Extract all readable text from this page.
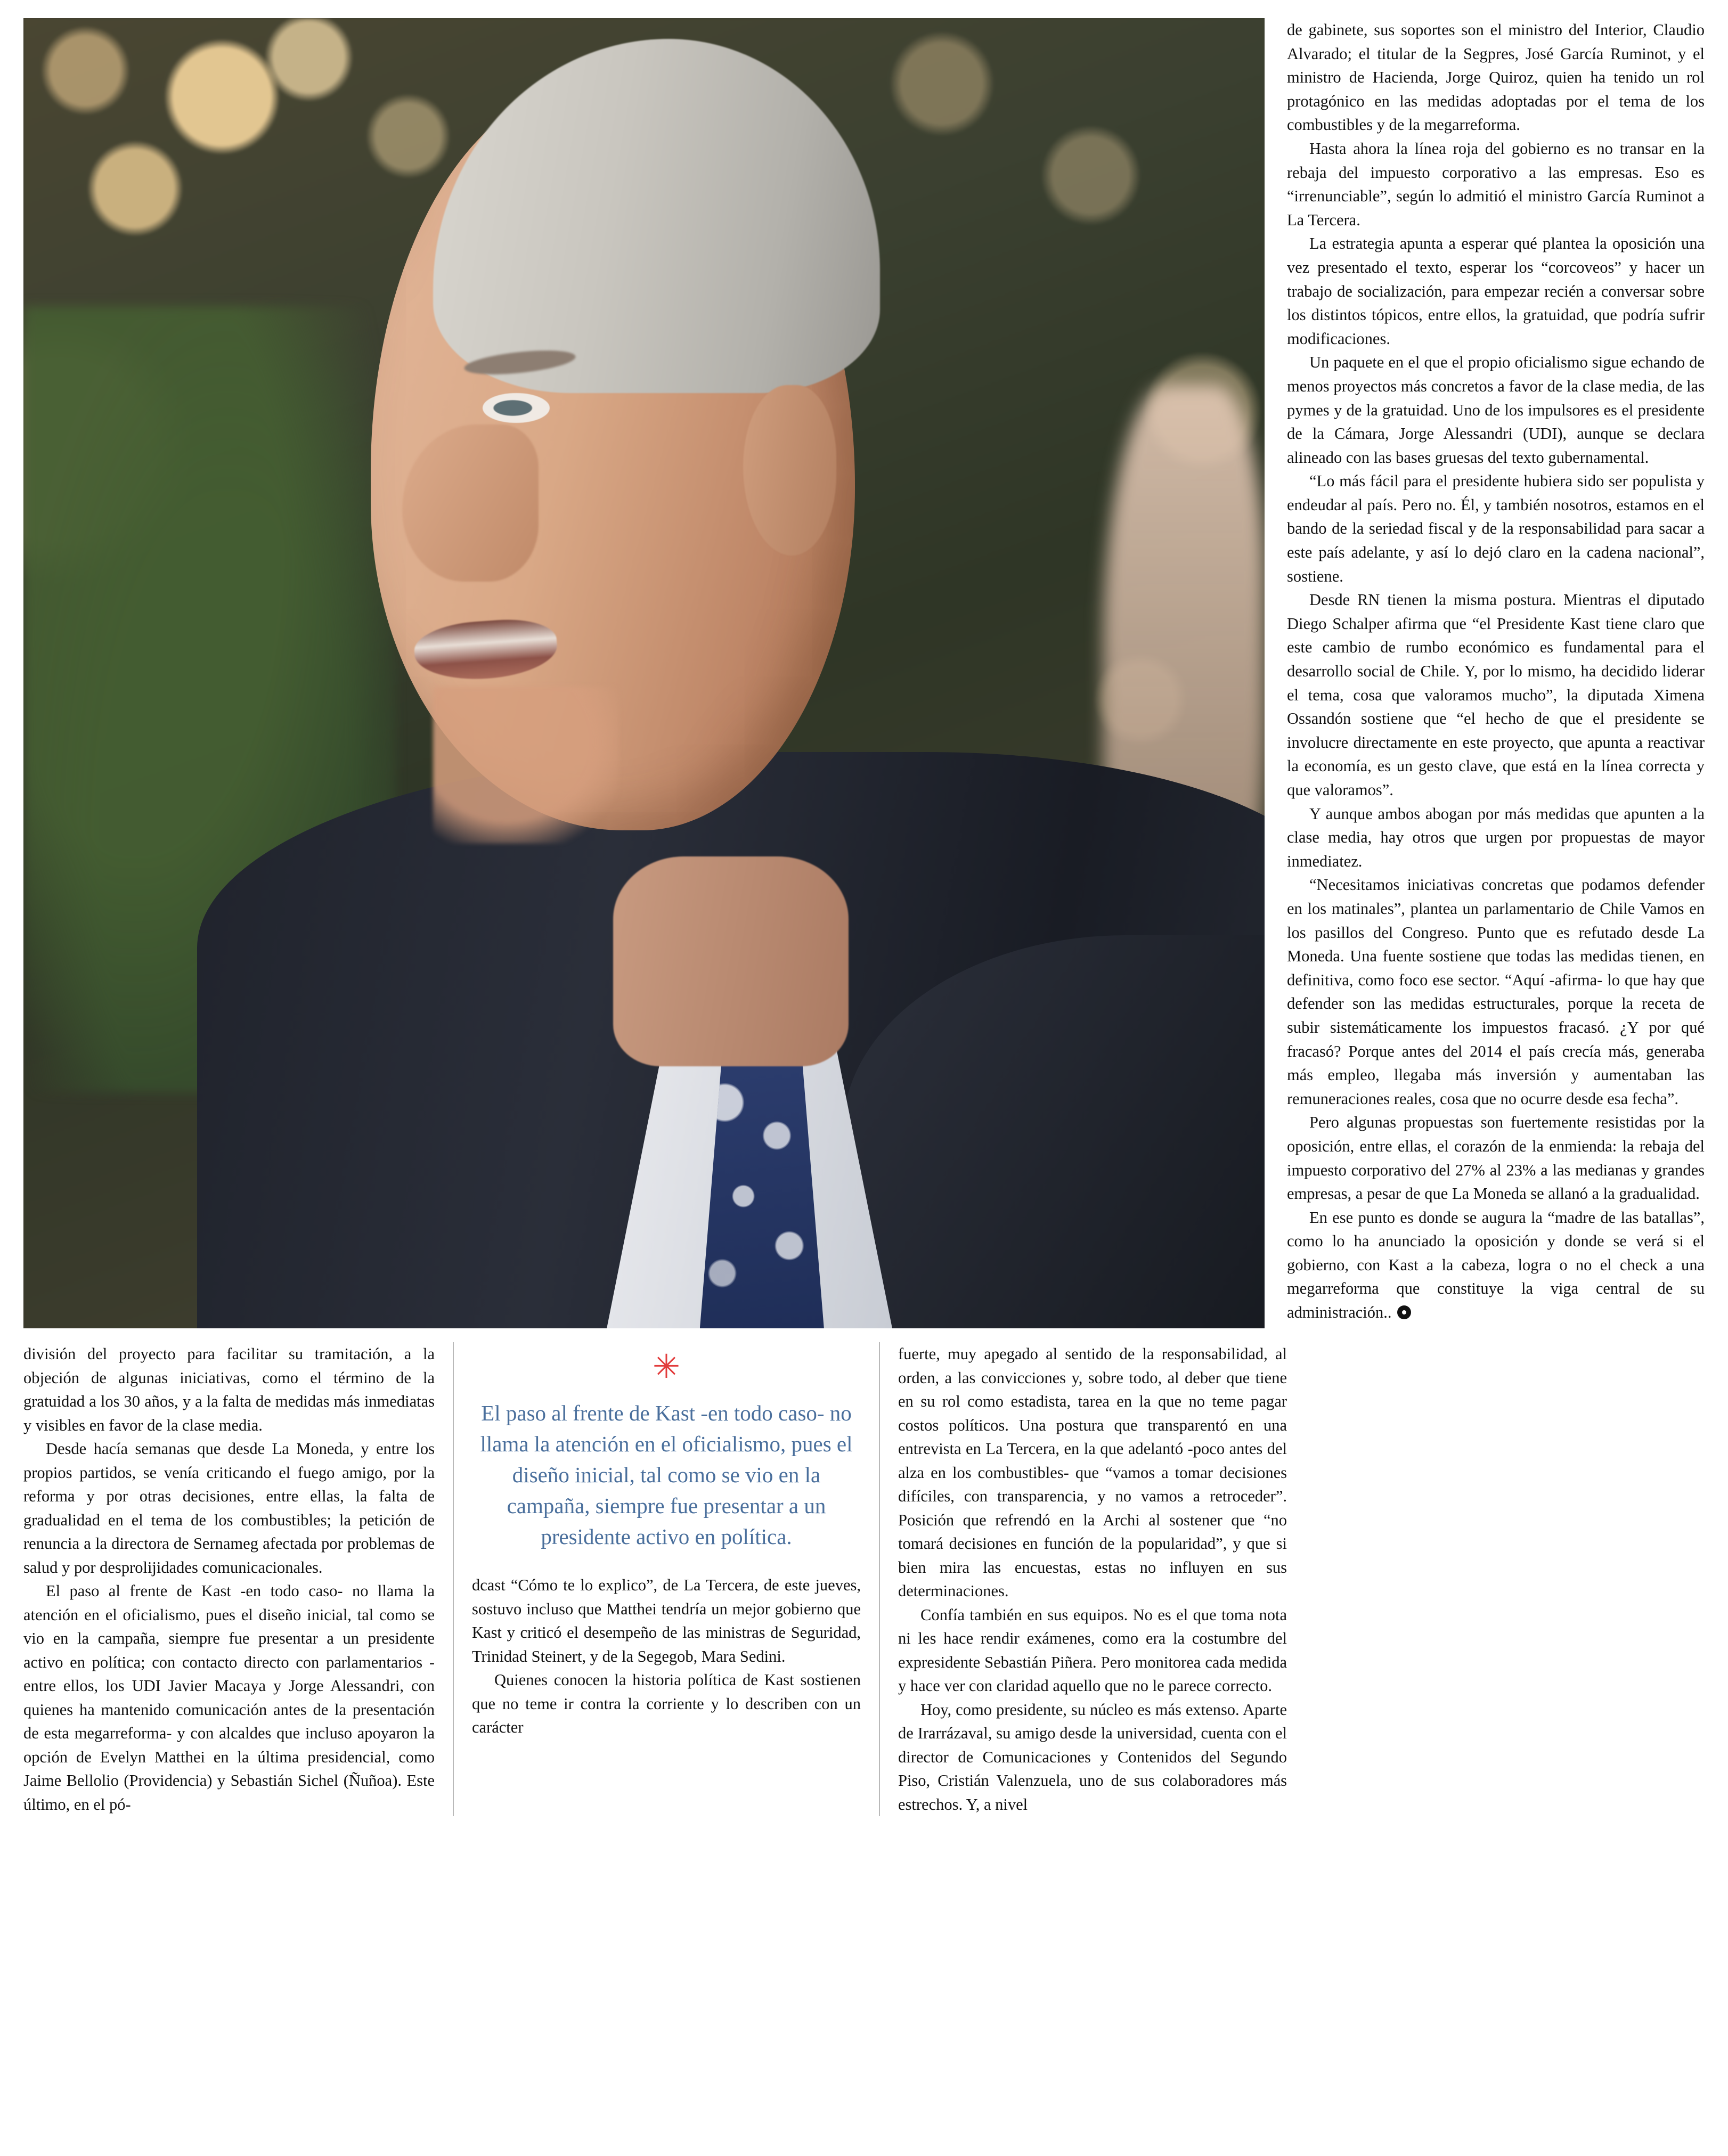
de gabinete, sus soportes son el ministro del Interior, Claudio Alvarado; el titular de la Segpres, José García Ruminot, y el ministro de Hacienda, Jorge Quiroz, quien ha tenido un rol protagónico en las medidas adoptadas por el tema de los combustibles y de la megarreforma.

Hasta ahora la línea roja del gobierno es no transar en la rebaja del impuesto corporativo a las empresas. Eso es “irrenunciable”, según lo admitió el ministro García Ruminot a La Tercera.

La estrategia apunta a esperar qué plantea la oposición una vez presentado el texto, esperar los “corcoveos” y hacer un trabajo de socialización, para empezar recién a conversar sobre los distintos tópicos, entre ellos, la gratuidad, que podría sufrir modificaciones.

Un paquete en el que el propio oficialismo sigue echando de menos proyectos más concretos a favor de la clase media, de las pymes y de la gratuidad. Uno de los impulsores es el presidente de la Cámara, Jorge Alessandri (UDI), aunque se declara alineado con las bases gruesas del texto gubernamental.

“Lo más fácil para el presidente hubiera sido ser populista y endeudar al país. Pero no. Él, y también nosotros, estamos en el bando de la seriedad fiscal y de la responsabilidad para sacar a este país adelante, y así lo dejó claro en la cadena nacional”, sostiene.

Desde RN tienen la misma postura. Mientras el diputado Diego Schalper afirma que “el Presidente Kast tiene claro que este cambio de rumbo económico es fundamental para el desarrollo social de Chile. Y, por lo mismo, ha decidido liderar el tema, cosa que valoramos mucho”, la diputada Ximena Ossandón sostiene que “el hecho de que el presidente se involucre directamente en este proyecto, que apunta a reactivar la economía, es un gesto clave, que está en la línea correcta y que valoramos”.

Y aunque ambos abogan por más medidas que apunten a la clase media, hay otros que urgen por propuestas de mayor inmediatez.

“Necesitamos iniciativas concretas que podamos defender en los matinales”, plantea un parlamentario de Chile Vamos en los pasillos del Congreso. Punto que es refutado desde La Moneda. Una fuente sostiene que todas las medidas tienen, en definitiva, como foco ese sector. “Aquí -afirma- lo que hay que defender son las medidas estructurales, porque la receta de subir sistemáticamente los impuestos fracasó. ¿Y por qué fracasó? Porque antes del 2014 el país crecía más, generaba más empleo, llegaba más inversión y aumentaban las remuneraciones reales, cosa que no ocurre desde esa fecha”.

Pero algunas propuestas son fuertemente resistidas por la oposición, entre ellas, el corazón de la enmienda: la rebaja del impuesto corporativo del 27% al 23% a las medianas y grandes empresas, a pesar de que La Moneda se allanó a la gradualidad.

En ese punto es donde se augura la “madre de las batallas”, como lo ha anunciado la oposición y donde se verá si el gobierno, con Kast a la cabeza, logra o no el check a una megarreforma que constituye la viga central de su administración..

división del proyecto para facilitar su tramitación, a la objeción de algunas iniciativas, como el término de la gratuidad a los 30 años, y a la falta de medidas más inmediatas y visibles en favor de la clase media.

Desde hacía semanas que desde La Moneda, y entre los propios partidos, se venía criticando el fuego amigo, por la reforma y por otras decisiones, entre ellas, la falta de gradualidad en el tema de los combustibles; la petición de renuncia a la directora de Sernameg afectada por problemas de salud y por desprolijidades comunicacionales.

El paso al frente de Kast -en todo caso- no llama la atención en el oficialismo, pues el diseño inicial, tal como se vio en la campaña, siempre fue presentar a un presidente activo en política; con contacto directo con parlamentarios -entre ellos, los UDI Javier Macaya y Jorge Alessandri, con quienes ha mantenido comunicación antes de la presentación de esta megarreforma- y con alcaldes que incluso apoyaron la opción de Evelyn Matthei en la última presidencial, como Jaime Bellolio (Providencia) y Sebastián Sichel (Ñuñoa). Este último, en el pó-

✳
El paso al frente de Kast -en todo caso- no llama la atención en el oficialismo, pues el diseño inicial, tal como se vio en la campaña, siempre fue presentar a un presidente activo en política.

dcast “Cómo te lo explico”, de La Tercera, de este jueves, sostuvo incluso que Matthei tendría un mejor gobierno que Kast y criticó el desempeño de las ministras de Seguridad, Trinidad Steinert, y de la Segegob, Mara Sedini.

Quienes conocen la historia política de Kast sostienen que no teme ir contra la corriente y lo describen con un carácter

fuerte, muy apegado al sentido de la responsabilidad, al orden, a las convicciones y, sobre todo, al deber que tiene en su rol como estadista, tarea en la que no teme pagar costos políticos. Una postura que transparentó en una entrevista en La Tercera, en la que adelantó -poco antes del alza en los combustibles- que “vamos a tomar decisiones difíciles, con transparencia, y no vamos a retroceder”. Posición que refrendó en la Archi al sostener que “no tomará decisiones en función de la popularidad”, y que si bien mira las encuestas, estas no influyen en sus determinaciones.

Confía también en sus equipos. No es el que toma nota ni les hace rendir exámenes, como era la costumbre del expresidente Sebastián Piñera. Pero monitorea cada medida y hace ver con claridad aquello que no le parece correcto.

Hoy, como presidente, su núcleo es más extenso. Aparte de Irarrázaval, su amigo desde la universidad, cuenta con el director de Comunicaciones y Contenidos del Segundo Piso, Cristián Valenzuela, uno de sus colaboradores más estrechos. Y, a nivel
